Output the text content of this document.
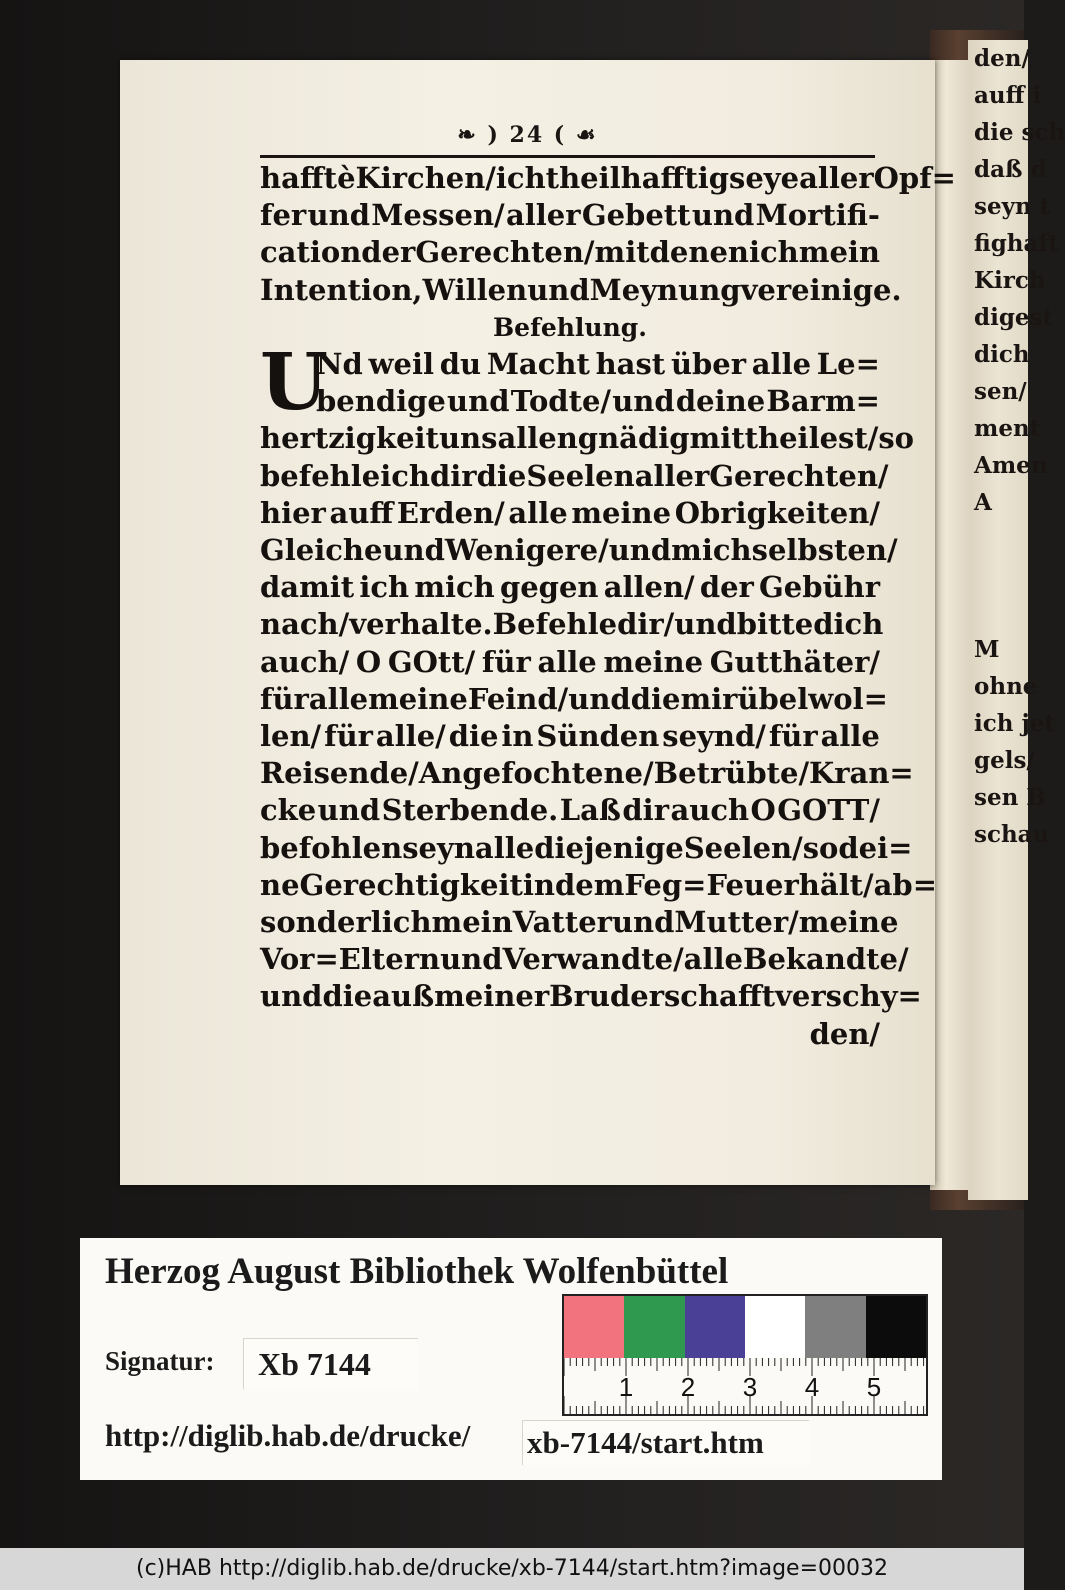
den/
auff i
die sch
daß d
seyn t
fighaft
Kirch
digest
dich
sen/
ment
Amen
A
M
ohne
ich jet
gels/
sen B
schau
❧ ) 24 ( ☙
hafftè Kirchen/ ich theilhafftig seye aller Opf=
fer und Messen/ aller Gebett und Mortifi-
cation der Gerechten/ mit denen ich mein
Intention, Willen und Meynung vereinige.
Befehlung.
U
Nd weil du Macht hast über alle Le=
bendige und Todte/ und deine Barm=
hertzigkeit uns allen gnädig mittheilest/ so
befehle ich dir die Seelen aller Gerechten/
hier auff Erden/ alle meine Obrigkeiten/
Gleiche und Wenigere/ und mich selbsten/
damit ich mich gegen allen/ der Gebühr
nach/ verhalte. Befehle dir/ und bitte dich
auch/ O GOtt/ für alle meine Gutthäter/
für alle meine Feind/ und die mir übel wol=
len/ für alle/ die in Sünden seynd/ für alle
Reisende/ Angefochtene/ Betrübte/ Kran=
cke und Sterbende. Laß dir auch O GOTT/
befohlen seyn alle die jenige Seelen/ so dei=
ne Gerechtigkeit in dem Feg=Feuer hält/ ab=
sonderlich mein Vatter und Mutter/ meine
Vor=Eltern und Verwandte/ alle Bekandte/
und die auß meiner Bruderschafft verschy=
den/
Herzog August Bibliothek Wolfenbüttel
1 2 3 4 5
Signatur:	Xb 7144
http://diglib.hab.de/drucke/ xb-7144/start.htm
(c)HAB http://diglib.hab.de/drucke/xb-7144/start.htm?image=00032
